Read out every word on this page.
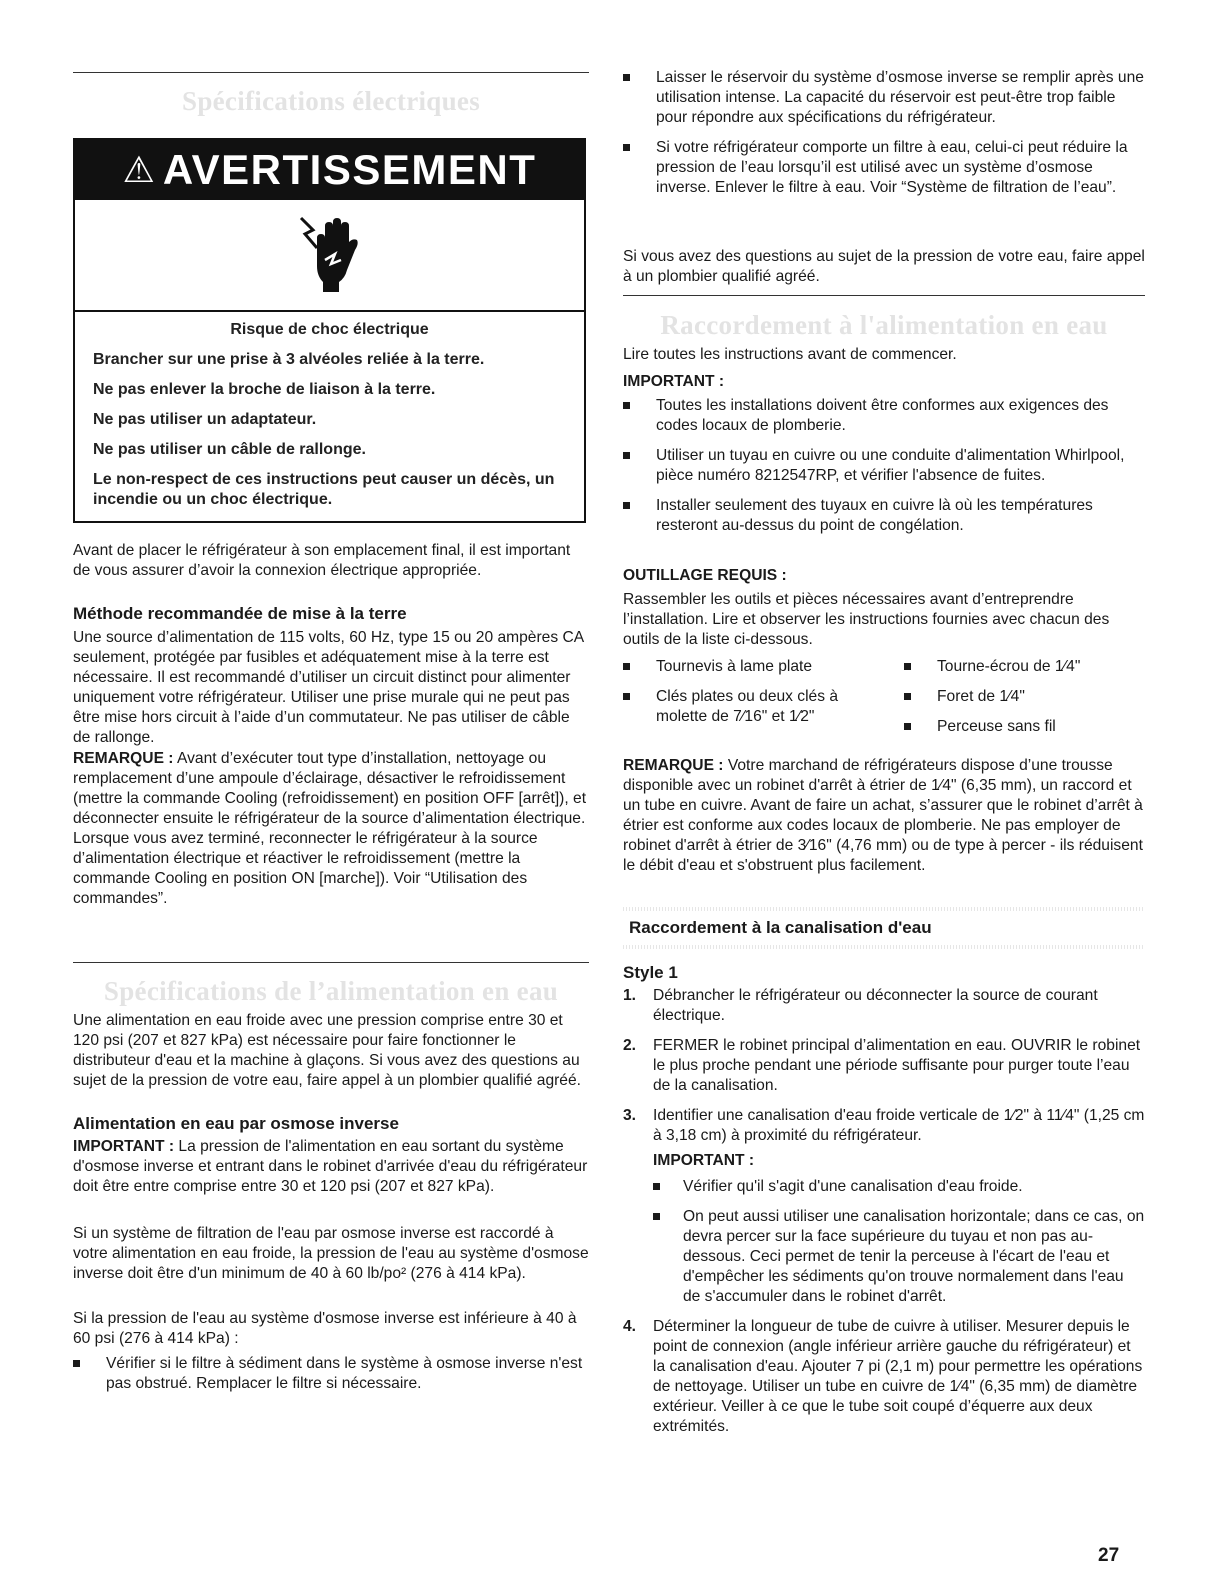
Spécifications électriques
⚠ AVERTISSEMENT

Risque de choc électrique

Brancher sur une prise à 3 alvéoles reliée à la terre.

Ne pas enlever la broche de liaison à la terre.

Ne pas utiliser un adaptateur.

Ne pas utiliser un câble de rallonge.

Le non-respect de ces instructions peut causer un décès, un incendie ou un choc électrique.

Avant de placer le réfrigérateur à son emplacement final, il est important de vous assurer d’avoir la connexion électrique appropriée.

Méthode recommandée de mise à la terre

Une source d’alimentation de 115 volts, 60 Hz, type 15 ou 20 ampères CA seulement, protégée par fusibles et adéquatement mise à la terre est nécessaire. Il est recommandé d’utiliser un circuit distinct pour alimenter uniquement votre réfrigérateur. Utiliser une prise murale qui ne peut pas être mise hors circuit à l’aide d’un commutateur. Ne pas utiliser de câble de rallonge.

REMARQUE : Avant d’exécuter tout type d’installation, nettoyage ou remplacement d’une ampoule d’éclairage, désactiver le refroidissement (mettre la commande Cooling (refroidissement) en position OFF [arrêt]), et déconnecter ensuite le réfrigérateur de la source d’alimentation électrique. Lorsque vous avez terminé, reconnecter le réfrigérateur à la source d’alimentation électrique et réactiver le refroidissement (mettre la commande Cooling en position ON [marche]). Voir “Utilisation des commandes”.

Spécifications de l’alimentation en eau

Une alimentation en eau froide avec une pression comprise entre 30 et 120 psi (207 et 827 kPa) est nécessaire pour faire fonctionner le distributeur d'eau et la machine à glaçons. Si vous avez des questions au sujet de la pression de votre eau, faire appel à un plombier qualifié agréé.

Alimentation en eau par osmose inverse

IMPORTANT : La pression de l'alimentation en eau sortant du système d'osmose inverse et entrant dans le robinet d'arrivée d'eau du réfrigérateur doit être entre comprise entre 30 et 120 psi (207 et 827 kPa).

Si un système de filtration de l'eau par osmose inverse est raccordé à votre alimentation en eau froide, la pression de l'eau au système d'osmose inverse doit être d'un minimum de 40 à 60 lb/po² (276 à 414 kPa).

Si la pression de l'eau au système d'osmose inverse est inférieure à 40 à 60 psi (276 à 414 kPa) :

Vérifier si le filtre à sédiment dans le système à osmose inverse n'est pas obstrué. Remplacer le filtre si nécessaire.
Laisser le réservoir du système d’osmose inverse se remplir après une utilisation intense. La capacité du réservoir est peut-être trop faible pour répondre aux spécifications du réfrigérateur.
Si votre réfrigérateur comporte un filtre à eau, celui-ci peut réduire la pression de l’eau lorsqu’il est utilisé avec un système d’osmose inverse. Enlever le filtre à eau. Voir “Système de filtration de l’eau”.

Si vous avez des questions au sujet de la pression de votre eau, faire appel à un plombier qualifié agréé.

Raccordement à l'alimentation en eau

Lire toutes les instructions avant de commencer.

IMPORTANT :

Toutes les installations doivent être conformes aux exigences des codes locaux de plomberie.
Utiliser un tuyau en cuivre ou une conduite d'alimentation Whirlpool, pièce numéro 8212547RP, et vérifier l'absence de fuites.
Installer seulement des tuyaux en cuivre là où les températures resteront au-dessus du point de congélation.

OUTILLAGE REQUIS :

Rassembler les outils et pièces nécessaires avant d’entreprendre l’installation. Lire et observer les instructions fournies avec chacun des outils de la liste ci-dessous.

Tournevis à lame plate
Clés plates ou deux clés à molette de 7⁄16" et 1⁄2"
Tourne-écrou de 1⁄4"
Foret de 1⁄4"
Perceuse sans fil

REMARQUE : Votre marchand de réfrigérateurs dispose d’une trousse disponible avec un robinet d'arrêt à étrier de 1⁄4" (6,35 mm), un raccord et un tube en cuivre. Avant de faire un achat, s’assurer que le robinet d’arrêt à étrier est conforme aux codes locaux de plomberie. Ne pas employer de robinet d'arrêt à étrier de 3⁄16" (4,76 mm) ou de type à percer - ils réduisent le débit d'eau et s'obstruent plus facilement.

Raccordement à la canalisation d'eau

Style 1

1. Débrancher le réfrigérateur ou déconnecter la source de courant électrique.
2. FERMER le robinet principal d’alimentation en eau. OUVRIR le robinet le plus proche pendant une période suffisante pour purger toute l’eau de la canalisation.
3. Identifier une canalisation d'eau froide verticale de 1⁄2" à 11⁄4" (1,25 cm à 3,18 cm) à proximité du réfrigérateur.
IMPORTANT :
Vérifier qu'il s'agit d'une canalisation d'eau froide.
On peut aussi utiliser une canalisation horizontale; dans ce cas, on devra percer sur la face supérieure du tuyau et non pas au-dessous. Ceci permet de tenir la perceuse à l'écart de l'eau et d'empêcher les sédiments qu'on trouve normalement dans l'eau de s'accumuler dans le robinet d'arrêt.
4. Déterminer la longueur de tube de cuivre à utiliser. Mesurer depuis le point de connexion (angle inférieur arrière gauche du réfrigérateur) et la canalisation d'eau. Ajouter 7 pi (2,1 m) pour permettre les opérations de nettoyage. Utiliser un tube en cuivre de 1⁄4" (6,35 mm) de diamètre extérieur. Veiller à ce que le tube soit coupé d’équerre aux deux extrémités.
27
